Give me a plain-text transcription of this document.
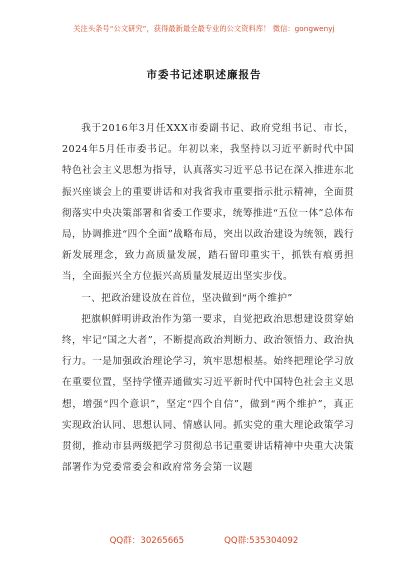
关注头条号“公文研究”，获得最新最全最专业的公文资料库！ 微信：gongwenyj
市委书记述职述廉报告

我于2016年3月任XXX市委副书记、政府党组书记、市长，2024年5月任市委书记。年初以来，我坚持以习近平新时代中国特色社会主义思想为指导，认真落实习近平总书记在深入推进东北振兴座谈会上的重要讲话和对我省我市重要指示批示精神，全面贯彻落实中央决策部署和省委工作要求，统筹推进“五位一体”总体布局，协调推进“四个全面”战略布局，突出以政治建设为统领，践行新发展理念，致力高质量发展，踏石留印重实干，抓铁有痕勇担当，全面振兴全方位振兴高质量发展迈出坚实步伐。

一、把政治建设放在首位，坚决做到“两个维护”

把旗帜鲜明讲政治作为第一要求，自觉把政治思想建设贯穿始终，牢记“国之大者”，不断提高政治判断力、政治领悟力、政治执行力。一是加强政治理论学习，筑牢思想根基。始终把理论学习放在重要位置，坚持学懂弄通做实习近平新时代中国特色社会主义思想，增强“四个意识”，坚定“四个自信”，做到“两个维护”，真正实现政治认同、思想认同、情感认同。抓实党的重大理论政策学习贯彻，推动市县两级把学习贯彻总书记重要讲话精神中央重大决策部署作为党委常委会和政府常务会第一议题

QQ群：30265665	QQ群:535304092
